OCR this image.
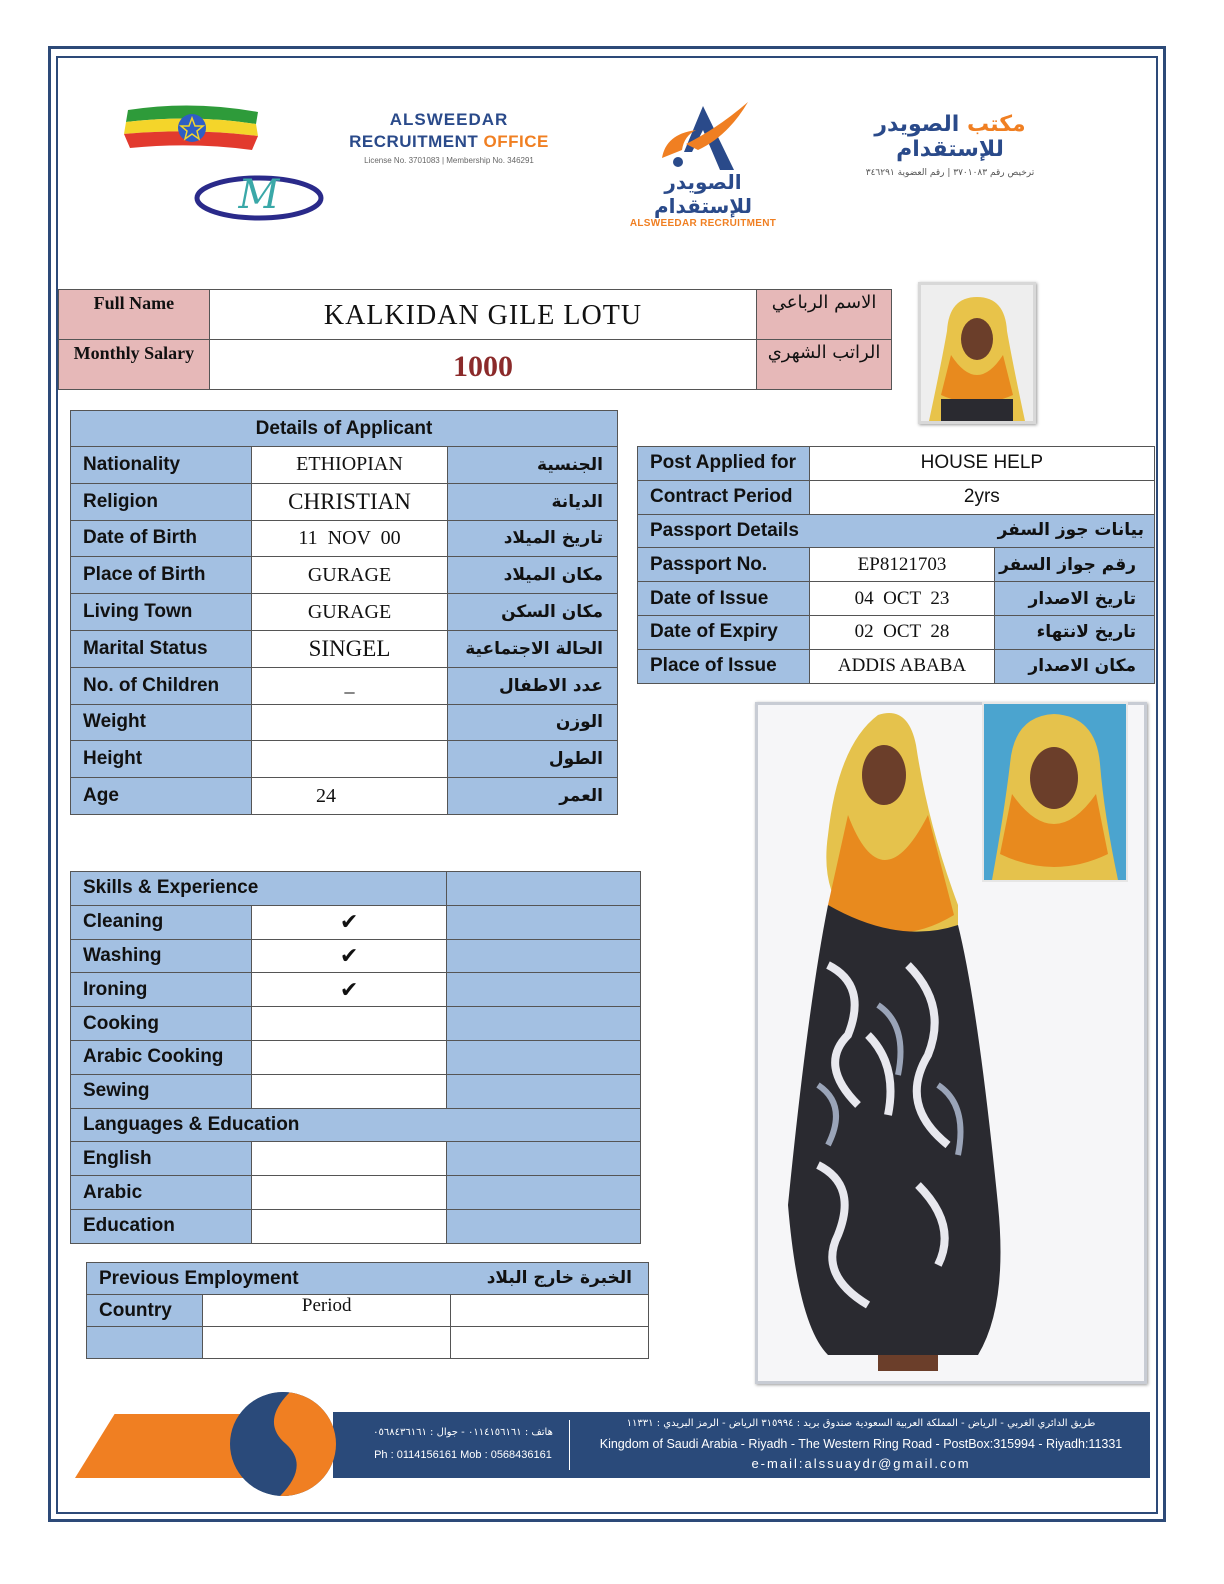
M
ALSWEEDAR
RECRUITMENT OFFICE
License No. 3701083 | Membership No. 346291
الصويدر للإستقدام
ALSWEEDAR RECRUITMENT
مكتب الصويدر للإستقدام
ترخيص رقم ٣٧٠١٠٨٣ | رقم العضوية ٣٤٦٢٩١
Full Name	KALKIDAN GILE LOTU	الاسم الرباعي
Monthly Salary	1000	الراتب الشهري
Details of Applicant		
Nationality	ETHIOPIAN	الجنسية
Religion	CHRISTIAN	الديانة
Date of Birth	11  NOV  00	تاريخ الميلاد
Place of Birth	GURAGE	مكان الميلاد
Living Town	GURAGE	مكان السكن
Marital Status	SINGEL	الحالة الاجتماعية
No. of Children	_	عدد الاطفال
Weight		الوزن
Height		الطول
Age	24	العمر
Post Applied for	HOUSE HELP	
Contract Period	2yrs	
Passport Details بيانات جوز السفر		

Passport No.	EP8121703	رقم جواز السفر
Date of Issue	04  OCT  23	تاريخ الاصدار
Date of Expiry	02  OCT  28	تاريخ لانتهاء
Place of Issue	ADDIS ABABA	مكان الاصدار
Skills & Experience		
Cleaning	✔	
Washing	✔	
Ironing	✔	
Cooking		
Arabic Cooking		
Sewing		
Languages & Education		
English		
Arabic		
Education		
Previous Employment الخبرة خارج البلاد		

Country	Period	

هاتف : ٠١١٤١٥٦١٦١ - جوال : ٠٥٦٨٤٣٦١٦١
Ph : 0114156161 Mob : 0568436161
طريق الدائري الغربي - الرياض - المملكة العربية السعودية صندوق بريد : ٣١٥٩٩٤ الرياض - الرمز البريدي : ١١٣٣١
Kingdom of Saudi Arabia - Riyadh - The Western Ring Road - PostBox:315994 - Riyadh:11331
e-mail:alssuaydr@gmail.com
